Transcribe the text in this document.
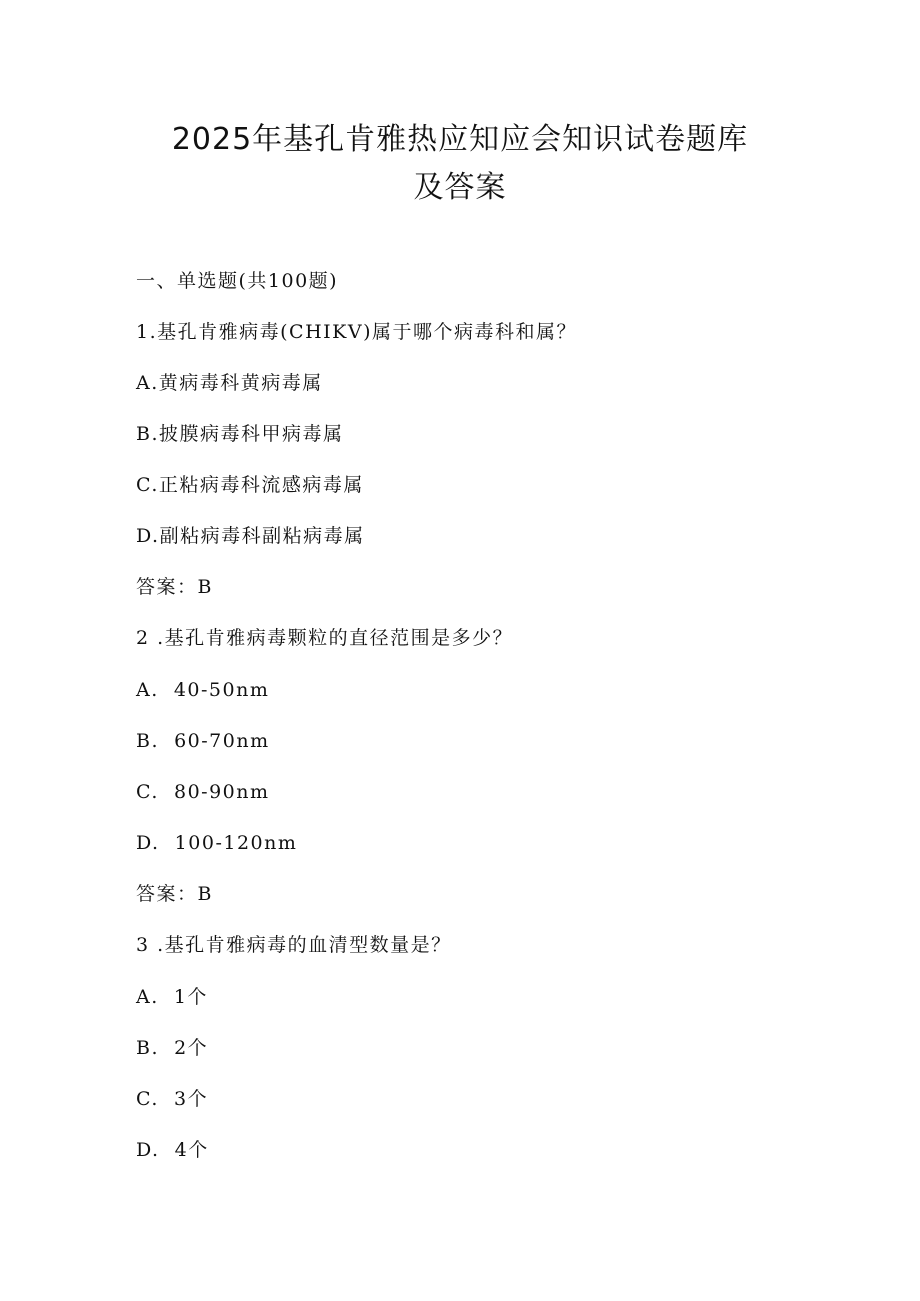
2025年基孔肯雅热应知应会知识试卷题库
及答案
一、单选题(共100题)
1.基孔肯雅病毒(CHIKV)属于哪个病毒科和属？
A.黄病毒科黄病毒属
B.披膜病毒科甲病毒属
C.正粘病毒科流感病毒属
D.副粘病毒科副粘病毒属
答案：B
2 .基孔肯雅病毒颗粒的直径范围是多少？
A.  40-50nm
B.  60-70nm
C.  80-90nm
D.  100-120nm
答案：B
3 .基孔肯雅病毒的血清型数量是？
A.  1个
B.  2个
C.  3个
D.  4个
